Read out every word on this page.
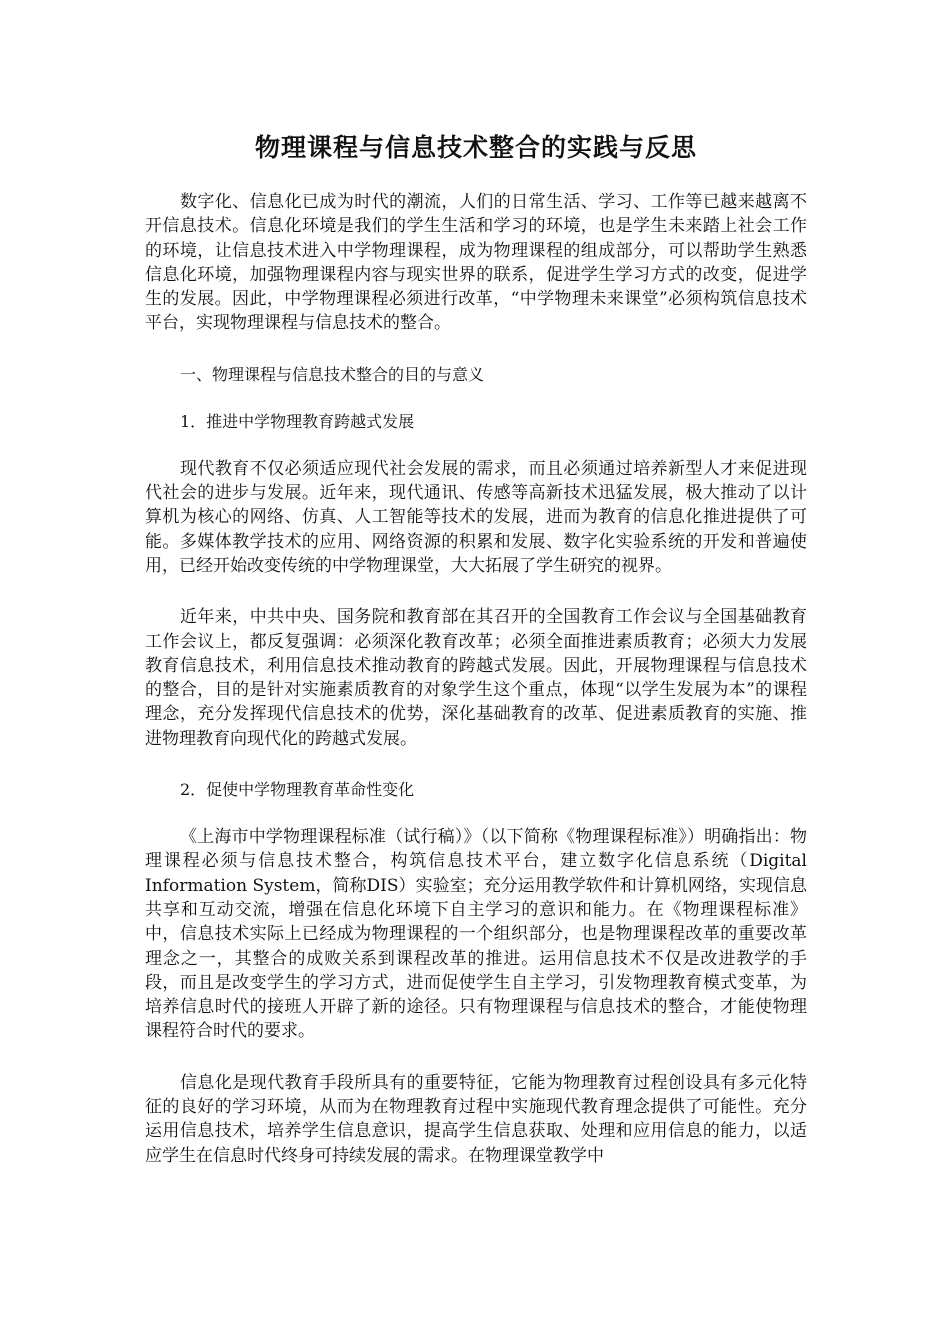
物理课程与信息技术整合的实践与反思

数字化、信息化已成为时代的潮流，人们的日常生活、学习、工作等已越来越离不开信息技术。信息化环境是我们的学生生活和学习的环境，也是学生未来踏上社会工作的环境，让信息技术进入中学物理课程，成为物理课程的组成部分，可以帮助学生熟悉信息化环境，加强物理课程内容与现实世界的联系，促进学生学习方式的改变，促进学生的发展。因此，中学物理课程必须进行改革，“中学物理未来课堂”必须构筑信息技术平台，实现物理课程与信息技术的整合。

一、物理课程与信息技术整合的目的与意义

1．推进中学物理教育跨越式发展

现代教育不仅必须适应现代社会发展的需求，而且必须通过培养新型人才来促进现代社会的进步与发展。近年来，现代通讯、传感等高新技术迅猛发展，极大推动了以计算机为核心的网络、仿真、人工智能等技术的发展，进而为教育的信息化推进提供了可能。多媒体教学技术的应用、网络资源的积累和发展、数字化实验系统的开发和普遍使用，已经开始改变传统的中学物理课堂，大大拓展了学生研究的视界。

近年来，中共中央、国务院和教育部在其召开的全国教育工作会议与全国基础教育工作会议上，都反复强调：必须深化教育改革；必须全面推进素质教育；必须大力发展教育信息技术，利用信息技术推动教育的跨越式发展。因此，开展物理课程与信息技术的整合，目的是针对实施素质教育的对象学生这个重点，体现“以学生发展为本”的课程理念，充分发挥现代信息技术的优势，深化基础教育的改革、促进素质教育的实施、推进物理教育向现代化的跨越式发展。

2．促使中学物理教育革命性变化

《上海市中学物理课程标准（试行稿）》（以下简称《物理课程标准》）明确指出：物理课程必须与信息技术整合，构筑信息技术平台，建立数字化信息系统（Digital Information System，简称DIS）实验室；充分运用教学软件和计算机网络，实现信息共享和互动交流，增强在信息化环境下自主学习的意识和能力。在《物理课程标准》中，信息技术实际上已经成为物理课程的一个组织部分，也是物理课程改革的重要改革理念之一，其整合的成败关系到课程改革的推进。运用信息技术不仅是改进教学的手段，而且是改变学生的学习方式，进而促使学生自主学习，引发物理教育模式变革，为培养信息时代的接班人开辟了新的途径。只有物理课程与信息技术的整合，才能使物理课程符合时代的要求。

信息化是现代教育手段所具有的重要特征，它能为物理教育过程创设具有多元化特征的良好的学习环境，从而为在物理教育过程中实施现代教育理念提供了可能性。充分运用信息技术，培养学生信息意识，提高学生信息获取、处理和应用信息的能力，以适应学生在信息时代终身可持续发展的需求。在物理课堂教学中
